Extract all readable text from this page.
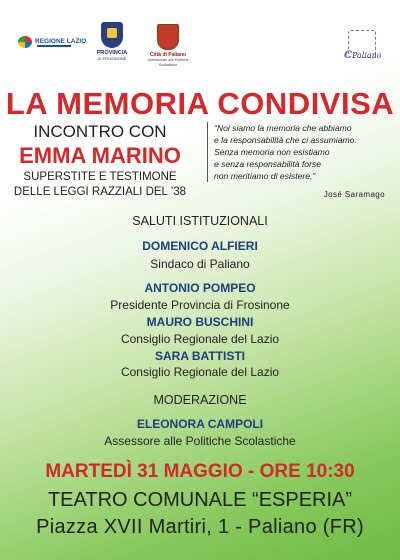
REGIONE LAZIO
PROVINCIA
DI FROSINONE
Città di Paliano
Assessorato alle Politiche Scolastiche
CPaliano
LA MEMORIA CONDIVISA
INCONTRO CON
EMMA MARINO
SUPERSTITE E TESTIMONE
DELLE LEGGI RAZZIALI DEL ’38
“Noi siamo la memoria che abbiamo
e la responsabilità che ci assumiamo.
Senza memoria non esistiamo
e senza responsabilità forse
non meritiamo di esistere.”
José Saramago
SALUTI ISTITUZIONALI
DOMENICO ALFIERI
Sindaco di Paliano
ANTONIO POMPEO
Presidente Provincia di Frosinone
MAURO BUSCHINI
Consiglio Regionale del Lazio
SARA BATTISTI
Consiglio Regionale del Lazio
MODERAZIONE
ELEONORA CAMPOLI
Assessore alle Politiche Scolastiche
MARTEDÌ 31 MAGGIO - ORE 10:30
TEATRO COMUNALE “ESPERIA”
Piazza XVII Martiri, 1 - Paliano (FR)
